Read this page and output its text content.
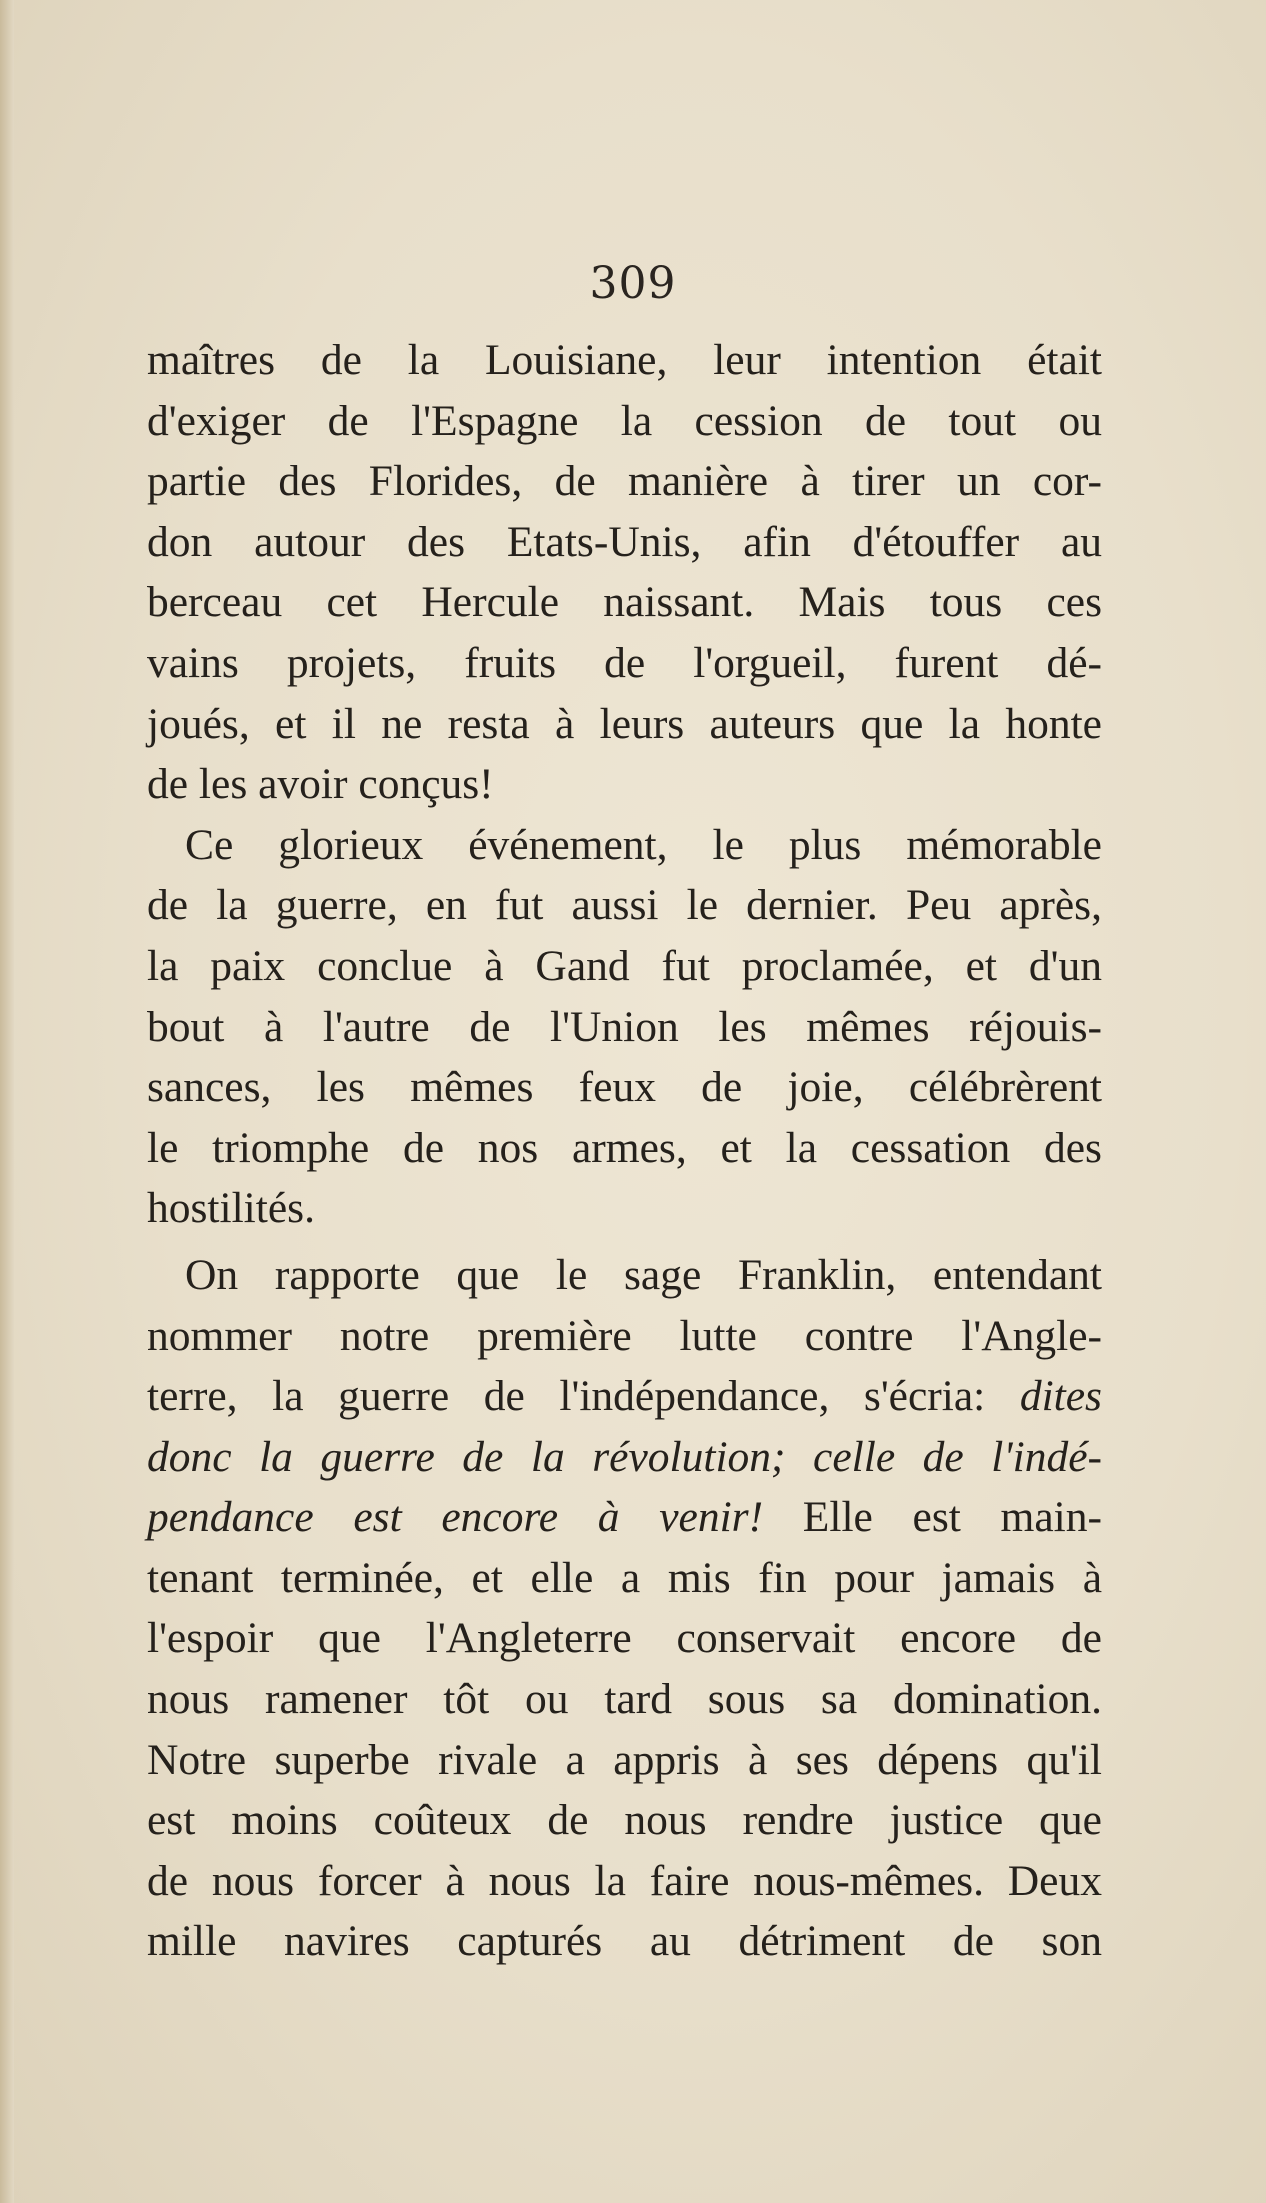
309
maîtres de la Louisiane, leur intention était
d'exiger de l'Espagne la cession de tout ou
partie des Florides, de manière à tirer un cor-
don autour des Etats-Unis, afin d'étouffer au
berceau cet Hercule naissant. Mais tous ces
vains projets, fruits de l'orgueil, furent dé-
joués, et il ne resta à leurs auteurs que la honte
de les avoir conçus!
Ce glorieux événement, le plus mémorable
de la guerre, en fut aussi le dernier. Peu après,
la paix conclue à Gand fut proclamée, et d'un
bout à l'autre de l'Union les mêmes réjouis-
sances, les mêmes feux de joie, célébrèrent
le triomphe de nos armes, et la cessation des
hostilités.
On rapporte que le sage Franklin, entendant
nommer notre première lutte contre l'Angle-
terre, la guerre de l'indépendance, s'écria: dites
donc la guerre de la révolution; celle de l'indé-
pendance est encore à venir! Elle est main-
tenant terminée, et elle a mis fin pour jamais à
l'espoir que l'Angleterre conservait encore de
nous ramener tôt ou tard sous sa domination.
Notre superbe rivale a appris à ses dépens qu'il
est moins coûteux de nous rendre justice que
de nous forcer à nous la faire nous-mêmes. Deux
mille navires capturés au détriment de son
